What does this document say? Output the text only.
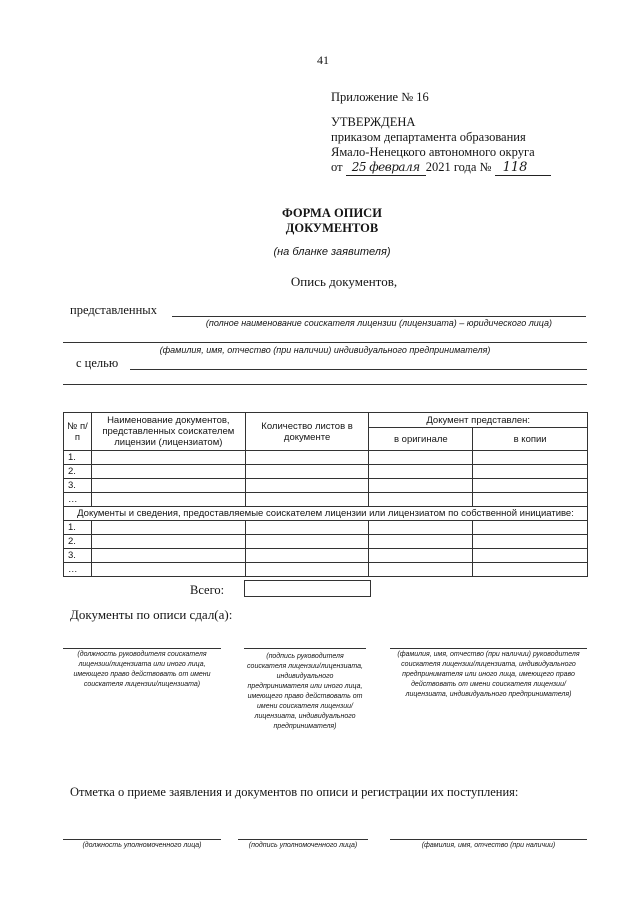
41
Приложение № 16
УТВЕРЖДЕНА
приказом департамента образования
Ямало-Ненецкого автономного округа
от 25 февраля 2021 года № 118
ФОРМА ОПИСИ
ДОКУМЕНТОВ
(на бланке заявителя)
Опись документов,
представленных
(полное наименование соискателя лицензии (лицензиата) – юридического лица)
(фамилия, имя, отчество (при наличии) индивидуального предпринимателя)
с целью
№ п/п	Наименование документов, представленных соискателем лицензии (лицензиатом)	Количество листов в документе	Документ представлен:	
			в оригинале	в копии
1.				
2.				
3.				
…				
Документы и сведения, предоставляемые соискателем лицензии или лицензиатом по собственной инициативе:				
1.				
2.				
3.				
…				
Всего:
Документы по описи сдал(а):
(должность руководителя соискателя лицензии/лицензиата или иного лица, имеющего право действовать от имени соискателя лицензии/лицензиата)
(подпись руководителя соискателя лицензии/лицензиата, индивидуального предпринимателя или иного лица, имеющего право действовать от имени соискателя лицензии/лицензиата, индивидуального предпринимателя)
(фамилия, имя, отчество (при наличии) руководителя соискателя лицензии/лицензиата, индивидуального предпринимателя или иного лица, имеющего право действовать от имени соискателя лицензии/лицензиата, индивидуального предпринимателя)
Отметка о приеме заявления и документов по описи и регистрации их поступления:
(должность уполномоченного лица)	(подпись уполномоченного лица)	(фамилия, имя, отчество (при наличии)
